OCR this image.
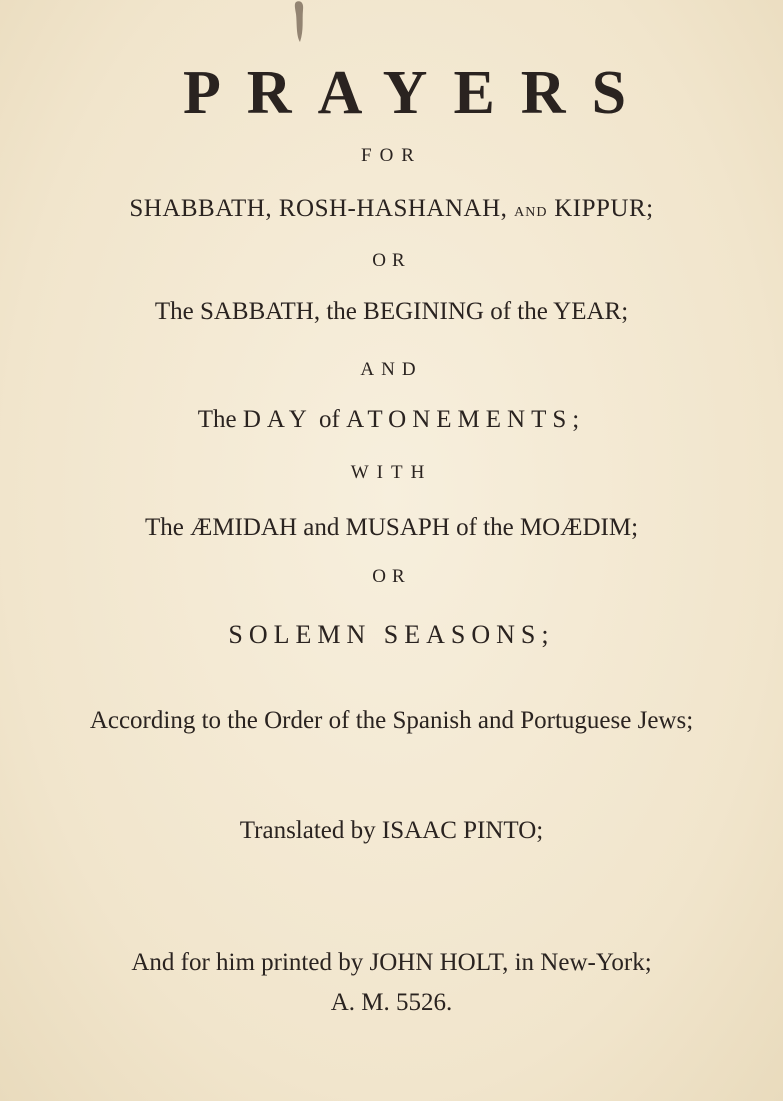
PRAYERS
FOR
SHABBATH, ROSH-HASHANAH, AND KIPPUR;
OR
The SABBATH, the BEGINING of the YEAR;
AND
The DAY of ATONEMENTS;
WITH
The ÆMIDAH and MUSAPH of the MOÆDIM;
OR
SOLEMN SEASONS;
According to the Order of the Spanish and Portuguese Jews;
Translated by ISAAC PINTO;
And for him printed by JOHN HOLT, in New-York;
A. M. 5526.
